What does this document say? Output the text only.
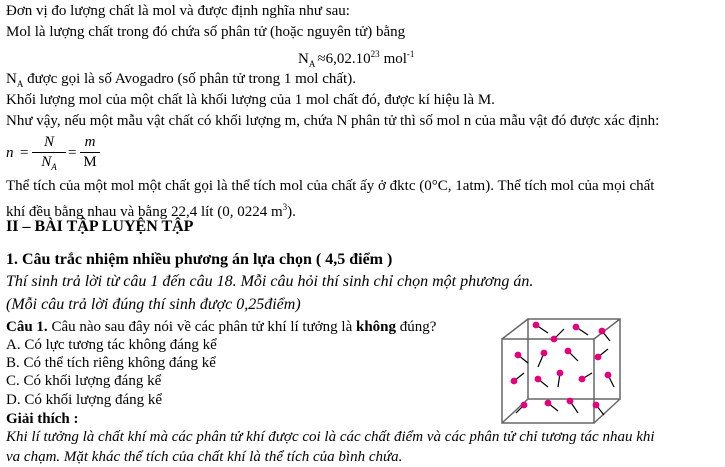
Đơn vị đo lượng chất là mol và được định nghĩa như sau:
Mol là lượng chất trong đó chứa số phân tử (hoặc nguyên tử) bằng
$N_A \approx 6,02.10^{23}$ mol$^{-1}$
$N_A$ được gọi là số Avogadro (số phân tử trong 1 mol chất).
Khối lượng mol của một chất là khối lượng của 1 mol chất đó, được kí hiệu là M.
Như vậy, nếu một mẫu vật chất có khối lượng m, chứa N phân tử thì số mol n của mẫu vật đó được xác định:
n =
N
$N_A$
=
m
M
Thể tích của một mol một chất gọi là thể tích mol của chất ấy ở đktc (0°C, 1atm). Thể tích mol của mọi chất
khí đều bằng nhau và bằng 22,4 lít (0, 0224 $m^3$).
II – BÀI TẬP LUYỆN TẬP
1. Câu trắc nhiệm nhiều phương án lựa chọn ( 4,5 điểm )
Thí sinh trả lời từ câu 1 đến câu 18. Mỗi câu hỏi thí sinh chỉ chọn một phương án.
(Mỗi câu trả lời đúng thí sinh được 0,25điểm)
Câu 1. Câu nào sau đây nói về các phân tử khí lí tưởng là không đúng?
A. Có lực tương tác không đáng kể
B. Có thể tích riêng không đáng kể
C. Có khối lượng đáng kể
D. Có khối lượng đáng kể
Giải thích :
Khi lí tưởng là chất khí mà các phân tử khí được coi là các chất điểm và các phân tử chỉ tương tác nhau khi
va chạm. Mặt khác thể tích của chất khí là thể tích của bình chứa.
